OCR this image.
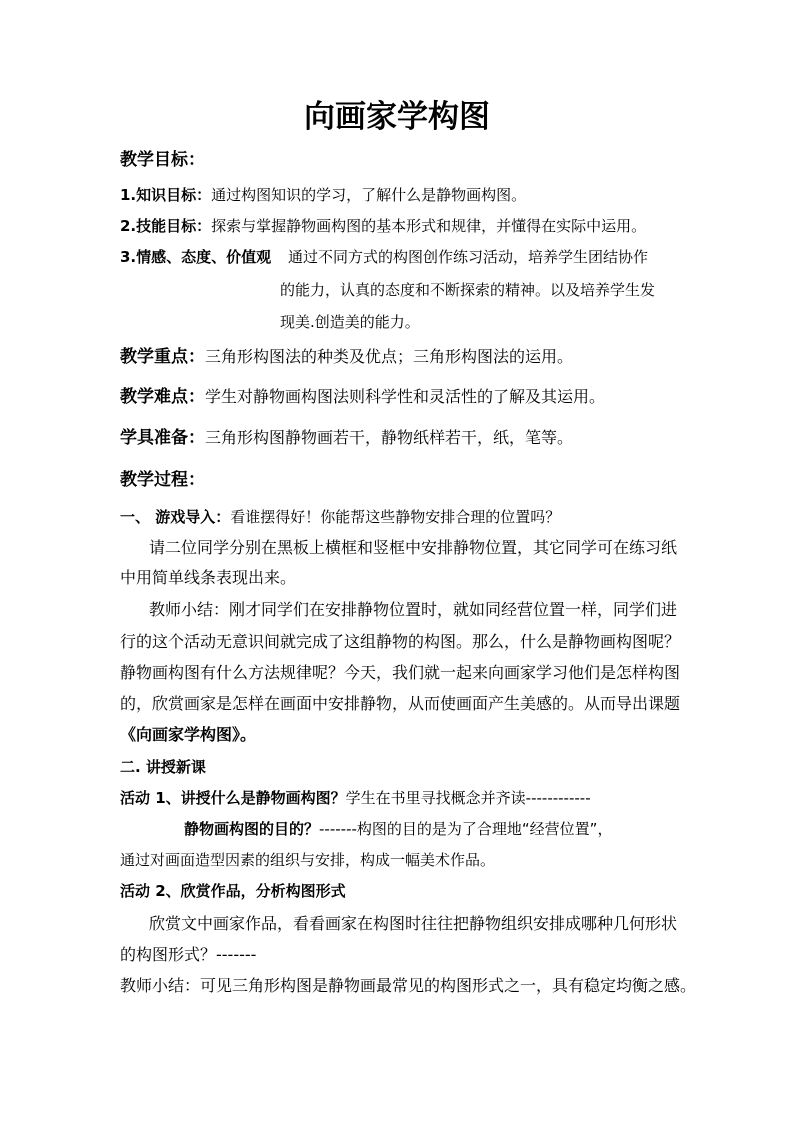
向画家学构图
教学目标：
1.知识目标：通过构图知识的学习，了解什么是静物画构图。
2.技能目标：探索与掌握静物画构图的基本形式和规律，并懂得在实际中运用。
3.情感、态度、价值观 通过不同方式的构图创作练习活动，培养学生团结协作
的能力，认真的态度和不断探索的精神。以及培养学生发
现美.创造美的能力。
教学重点：三角形构图法的种类及优点；三角形构图法的运用。
教学难点：学生对静物画构图法则科学性和灵活性的了解及其运用。
学具准备：三角形构图静物画若干，静物纸样若干，纸，笔等。
教学过程：
一、 游戏导入：看谁摆得好！你能帮这些静物安排合理的位置吗？
请二位同学分别在黑板上横框和竖框中安排静物位置，其它同学可在练习纸
中用简单线条表现出来。
教师小结：刚才同学们在安排静物位置时，就如同经营位置一样，同学们进
行的这个活动无意识间就完成了这组静物的构图。那么，什么是静物画构图呢？
静物画构图有什么方法规律呢？今天，我们就一起来向画家学习他们是怎样构图
的，欣赏画家是怎样在画面中安排静物，从而使画面产生美感的。从而导出课题
《向画家学构图》。
二. 讲授新课
活动 1、讲授什么是静物画构图？学生在书里寻找概念并齐读------------
静物画构图的目的？-------构图的目的是为了合理地“经营位置”，
通过对画面造型因素的组织与安排，构成一幅美术作品。
活动 2、欣赏作品，分析构图形式
欣赏文中画家作品，看看画家在构图时往往把静物组织安排成哪种几何形状
的构图形式？-------
教师小结：可见三角形构图是静物画最常见的构图形式之一，具有稳定均衡之感。
